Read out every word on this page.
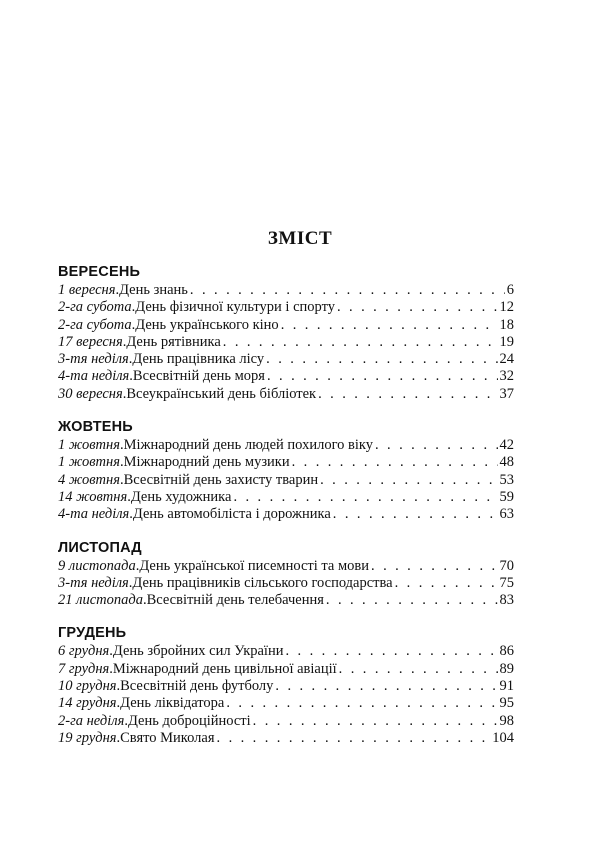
ЗМІСТ
ВЕРЕСЕНЬ
1 вересня . День знань . . .	6
2-га субота . День фізичної культури і спорту . . .	12
2-га субота . День українського кіно . . .	18
17 вересня . День рятівника . . .	19
3-тя неділя . День працівника лісу . . .	24
4-та неділя . Всесвітній день моря . . .	32
30 вересня . Всеукраїнський день бібліотек . . .	37
ЖОВТЕНЬ
1 жовтня . Міжнародний день людей похилого віку . . .	42
1 жовтня . Міжнародний день музики . . .	48
4 жовтня . Всесвітній день захисту тварин . . .	53
14 жовтня . День художника . . .	59
4-та неділя . День автомобіліста і дорожника . . .	63
ЛИСТОПАД
9 листопада . День української писемності та мови . . .	70
3-тя неділя . День працівників сільського господарства . . .	75
21 листопада . Всесвітній день телебачення . . .	83
ГРУДЕНЬ
6 грудня . День збройних сил України . . .	86
7 грудня . Міжнародний день цивільної авіації . . .	89
10 грудня . Всесвітній день футболу . . .	91
14 грудня . День ліквідатора . . .	95
2-га неділя . День доброційності . . .	98
19 грудня . Свято Миколая . . .	104
